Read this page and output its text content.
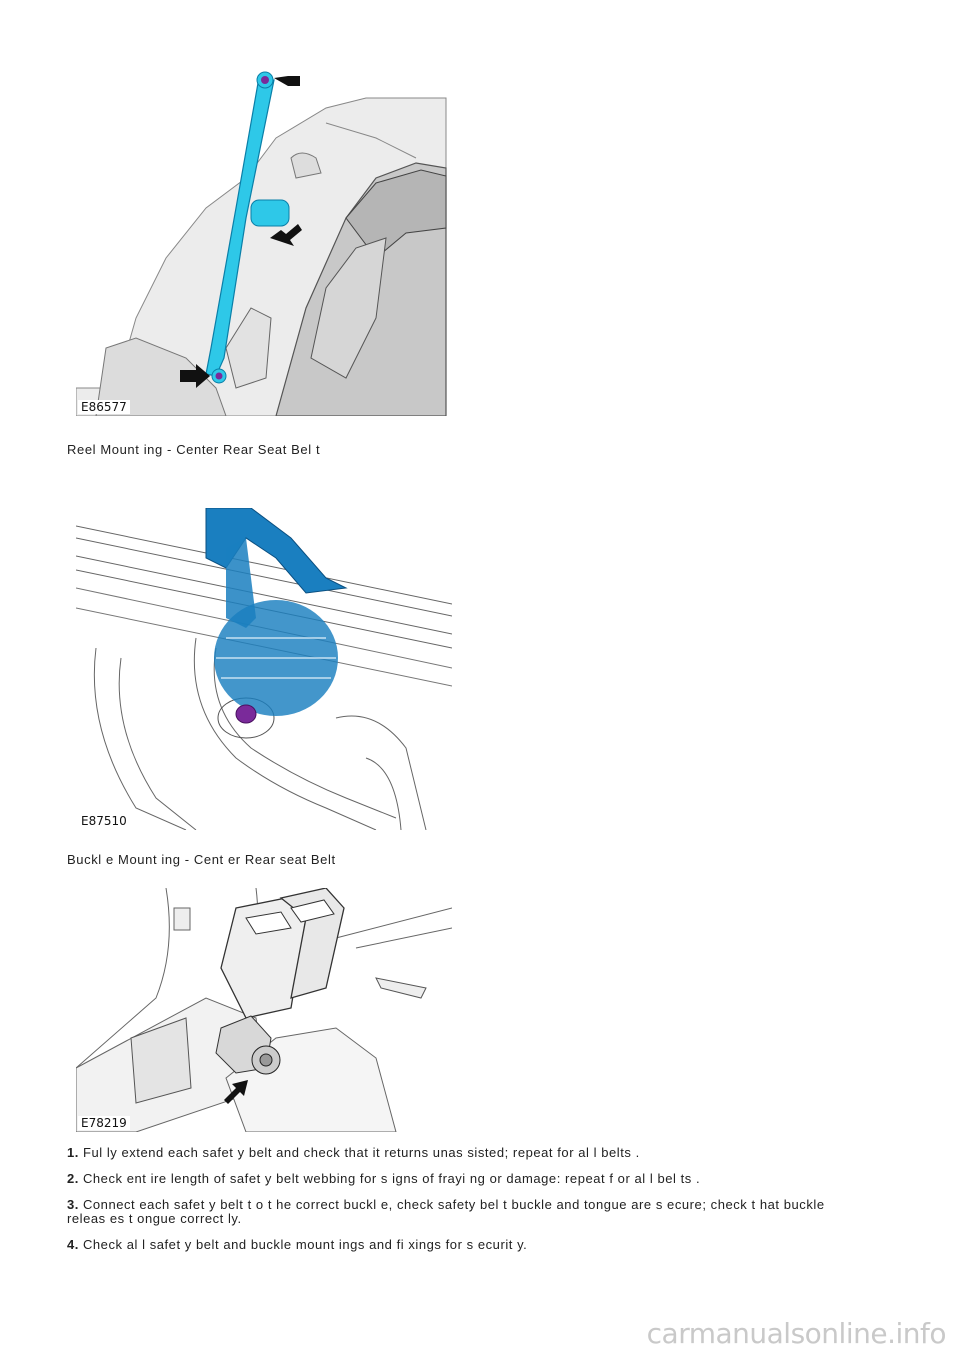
E86577
Reel Mount ing - Center Rear Seat Bel t
E87510
Buckl e Mount ing - Cent er Rear seat Belt
E78219

1. Ful ly extend each safet y belt and check that it returns unas sisted; repeat for al l belts .

2. Check ent ire length of safet y belt webbing for s igns of frayi ng or damage: repeat f or al l bel ts .

3. Connect each safet y belt t o t he correct buckl e, check safety bel t buckle and tongue are s ecure; check t hat buckle releas es t ongue correct ly.

4. Check al l safet y belt and buckle mount ings and fi xings for s ecurit y.

carmanualsonline.info
